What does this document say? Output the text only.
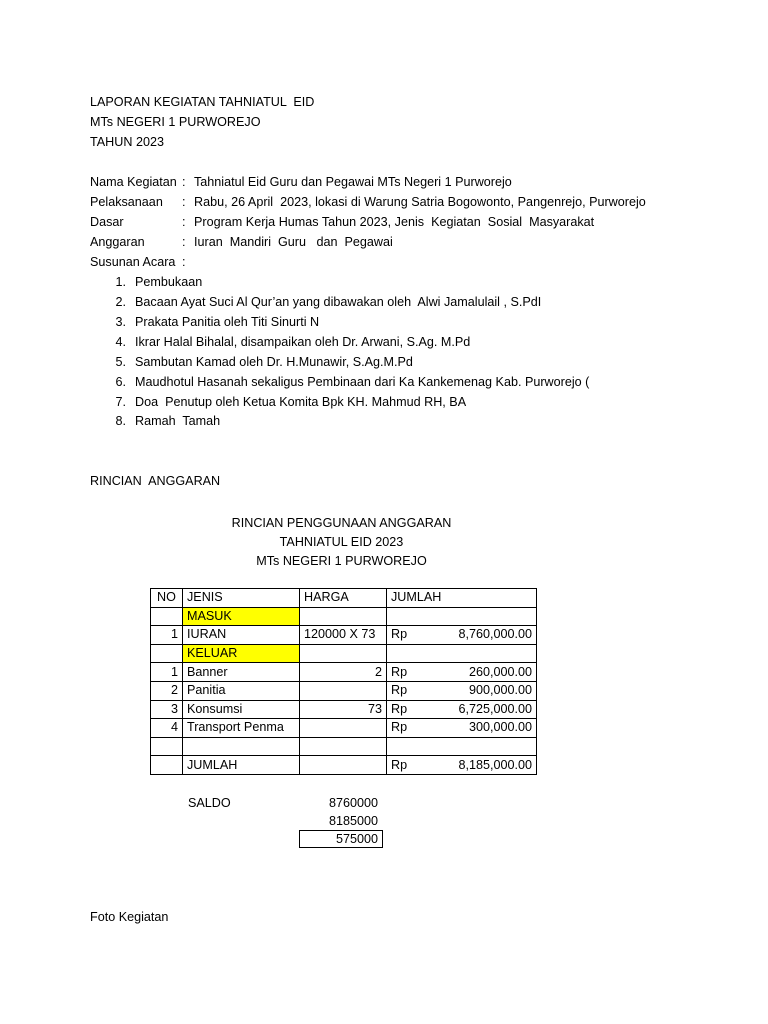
LAPORAN KEGIATAN TAHNIATUL  EID
MTs NEGERI 1 PURWOREJO
TAHUN 2023
Nama Kegiatan : Tahniatul Eid Guru dan Pegawai MTs Negeri 1 Purworejo
Pelaksanaan : Rabu, 26 April  2023, lokasi di Warung Satria Bogowonto, Pangenrejo, Purworejo
Dasar	: Program Kerja Humas Tahun 2023, Jenis  Kegiatan  Sosial  Masyarakat
Anggaran	: Iuran  Mandiri  Guru   dan  Pegawai
Susunan Acara :
1. Pembukaan
2. Bacaan Ayat Suci Al Qur’an yang dibawakan oleh  Alwi Jamalulail , S.PdI
3. Prakata Panitia oleh Titi Sinurti N
4. Ikrar Halal Bihalal, disampaikan oleh Dr. Arwani, S.Ag. M.Pd
5. Sambutan Kamad oleh Dr. H.Munawir, S.Ag.M.Pd
6. Maudhotul Hasanah sekaligus Pembinaan dari Ka Kankemenag Kab. Purworejo (
7. Doa  Penutup oleh Ketua Komita Bpk KH. Mahmud RH, BA
8. Ramah  Tamah
RINCIAN  ANGGARAN
RINCIAN PENGGUNAAN ANGGARAN
TAHNIATUL EID 2023
MTs NEGERI 1 PURWOREJO
NO	JENIS	HARGA	JUMLAH
	MASUK		
1	IURAN	120000 X 73	Rp 8,760,000.00

	KELUAR		
1	Banner	2	Rp 260,000.00

2	Panitia		Rp 900,000.00

3	Konsumsi	73	Rp 6,725,000.00

4	Transport Penma		Rp 300,000.00

	JUMLAH		Rp 8,185,000.00
SALDO	8760000
8185000
575000
Foto Kegiatan
